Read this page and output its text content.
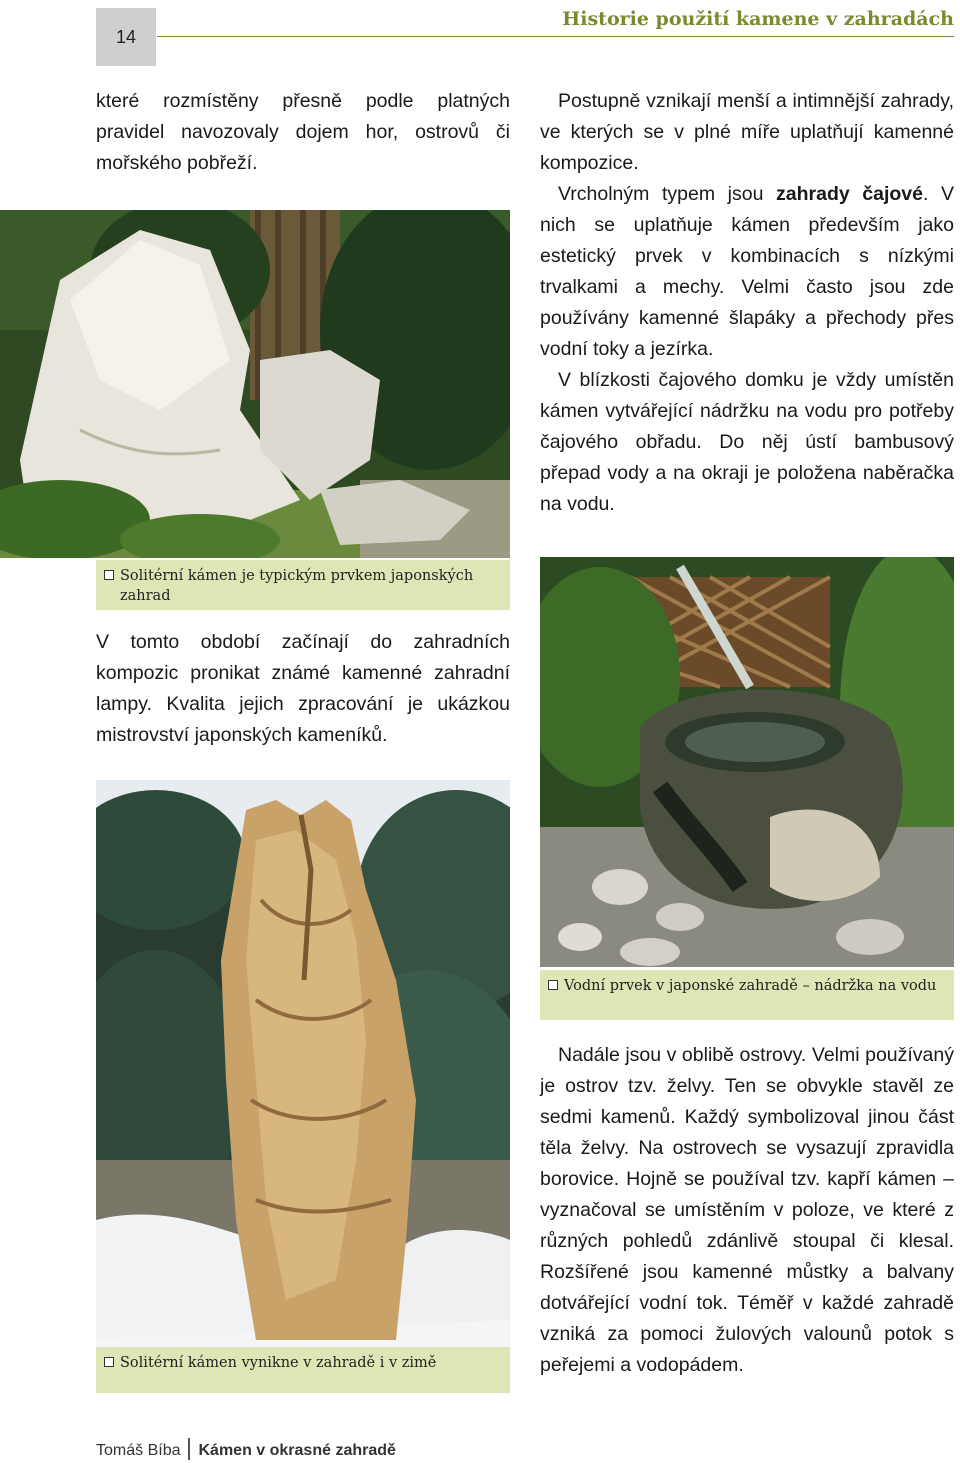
14
Historie použití kamene v zahradách

které rozmístěny přesně podle platných pravidel navozovaly dojem hor, ostrovů či mořského pobřeží.

Postupně vznikají menší a intimnější zahrady, ve kterých se v plné míře uplatňují kamenné kompozice.

Vrcholným typem jsou zahrady čajové. V nich se uplatňuje kámen především jako estetický prvek v kombinacích s nízkými trvalkami a mechy. Velmi často jsou zde používány kamenné šlapáky a přechody přes vodní toky a jezírka.

V blízkosti čajového domku je vždy umístěn kámen vytvářející nádržku na vodu pro potřeby čajového obřadu. Do něj ústí bambusový přepad vody a na okraji je položena naběračka na vodu.

Solitérní kámen je typickým prvkem japonských zahrad

V tomto období začínají do zahradních kompozic pronikat známé kamenné zahradní lampy. Kvalita jejich zpracování je ukázkou mistrovství japonských kameníků.

Vodní prvek v japonské zahradě – nádržka na vodu
Solitérní kámen vynikne v zahradě i v zimě

Nadále jsou v oblibě ostrovy. Velmi používaný je ostrov tzv. želvy. Ten se obvykle stavěl ze sedmi kamenů. Každý symbolizoval jinou část těla želvy. Na ostrovech se vysazují zpravidla borovice. Hojně se používal tzv. kapří kámen – vyznačoval se umístěním v poloze, ve které z různých pohledů zdánlivě stoupal či klesal. Rozšířené jsou kamenné můstky a balvany dotvářející vodní tok. Téměř v každé zahradě vzniká za pomoci žulových valounů potok s peřejemi a vodopádem.

Tomáš Bíba Kámen v okrasné zahradě
